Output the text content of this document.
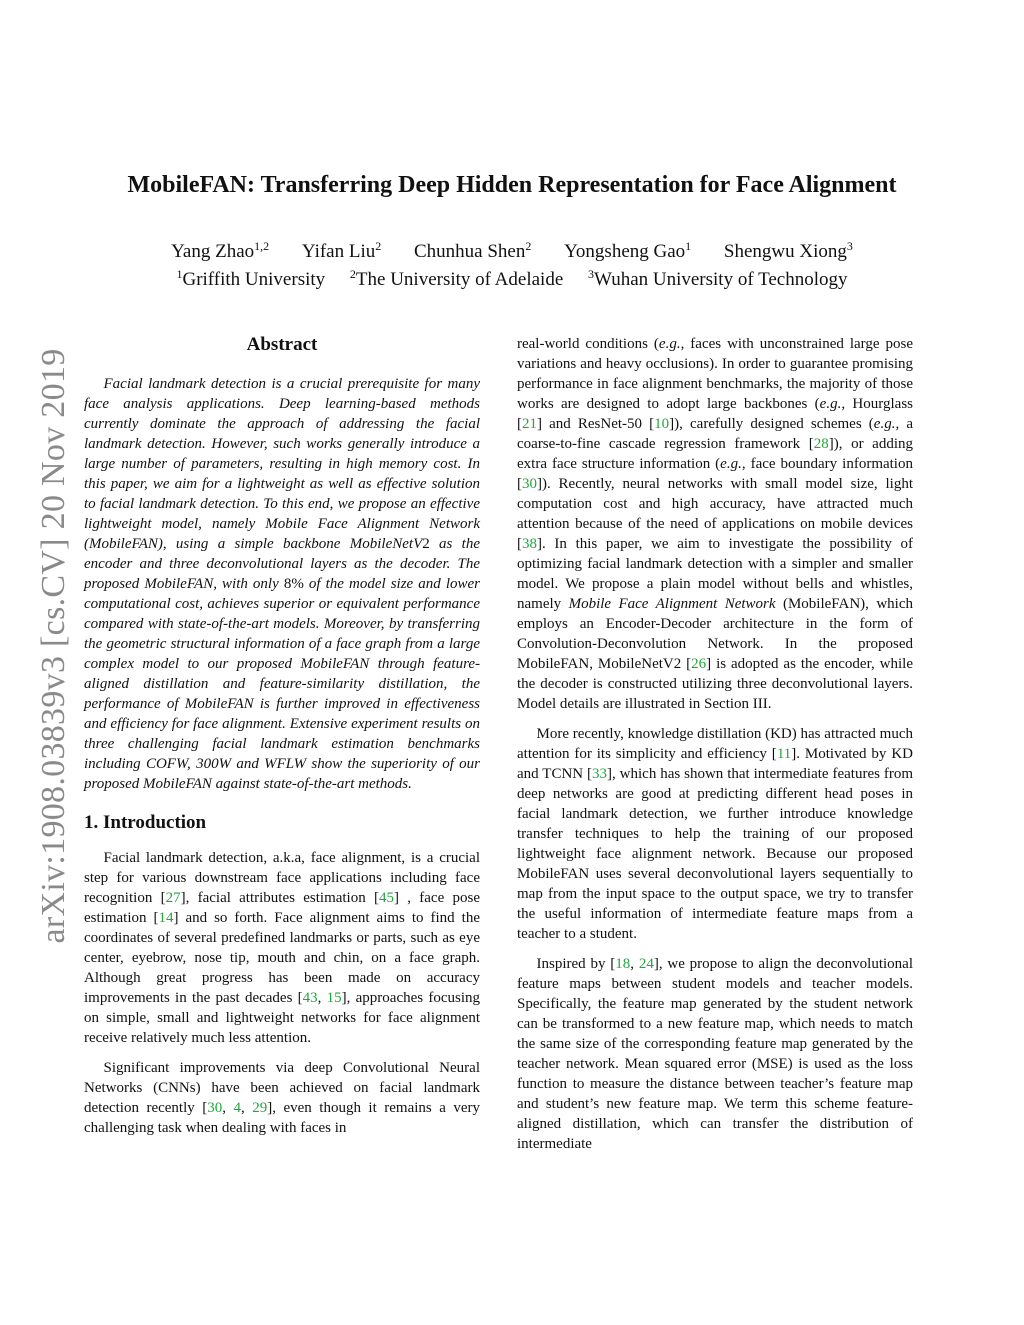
arXiv:1908.03839v3 [cs.CV] 20 Nov 2019
MobileFAN: Transferring Deep Hidden Representation for Face Alignment
Yang Zhao$^{1,2}$ Yifan Liu$^2$ Chunhua Shen$^2$ Yongsheng Gao$^1$ Shengwu Xiong$^3$
$^1$Griffith University $^2$The University of Adelaide $^3$Wuhan University of Technology
Abstract

Facial landmark detection is a crucial prerequisite for many face analysis applications. Deep learning-based methods currently dominate the approach of addressing the facial landmark detection. However, such works generally introduce a large number of parameters, resulting in high memory cost. In this paper, we aim for a lightweight as well as effective solution to facial landmark detection. To this end, we propose an effective lightweight model, namely Mobile Face Alignment Network (MobileFAN), using a simple backbone MobileNetV2 as the encoder and three deconvolutional layers as the decoder. The proposed MobileFAN, with only 8% of the model size and lower computational cost, achieves superior or equivalent performance compared with state-of-the-art models. Moreover, by transferring the geometric structural information of a face graph from a large complex model to our proposed MobileFAN through feature-aligned distillation and feature-similarity distillation, the performance of MobileFAN is further improved in effectiveness and efficiency for face alignment. Extensive experiment results on three challenging facial landmark estimation benchmarks including COFW, 300W and WFLW show the superiority of our proposed MobileFAN against state-of-the-art methods.

1. Introduction

Facial landmark detection, a.k.a, face alignment, is a crucial step for various downstream face applications including face recognition [27], facial attributes estimation [45] , face pose estimation [14] and so forth. Face alignment aims to find the coordinates of several predefined landmarks or parts, such as eye center, eyebrow, nose tip, mouth and chin, on a face graph. Although great progress has been made on accuracy improvements in the past decades [43, 15], approaches focusing on simple, small and lightweight networks for face alignment receive relatively much less attention.

Significant improvements via deep Convolutional Neural Networks (CNNs) have been achieved on facial landmark detection recently [30, 4, 29], even though it remains a very challenging task when dealing with faces in

real-world conditions (e.g., faces with unconstrained large pose variations and heavy occlusions). In order to guarantee promising performance in face alignment benchmarks, the majority of those works are designed to adopt large backbones (e.g., Hourglass [21] and ResNet-50 [10]), carefully designed schemes (e.g., a coarse-to-fine cascade regression framework [28]), or adding extra face structure information (e.g., face boundary information [30]). Recently, neural networks with small model size, light computation cost and high accuracy, have attracted much attention because of the need of applications on mobile devices [38]. In this paper, we aim to investigate the possibility of optimizing facial landmark detection with a simpler and smaller model. We propose a plain model without bells and whistles, namely Mobile Face Alignment Network (MobileFAN), which employs an Encoder-Decoder architecture in the form of Convolution-Deconvolution Network. In the proposed MobileFAN, MobileNetV2 [26] is adopted as the encoder, while the decoder is constructed utilizing three deconvolutional layers. Model details are illustrated in Section III.

More recently, knowledge distillation (KD) has attracted much attention for its simplicity and efficiency [11]. Motivated by KD and TCNN [33], which has shown that intermediate features from deep networks are good at predicting different head poses in facial landmark detection, we further introduce knowledge transfer techniques to help the training of our proposed lightweight face alignment network. Because our proposed MobileFAN uses several deconvolutional layers sequentially to map from the input space to the output space, we try to transfer the useful information of intermediate feature maps from a teacher to a student.

Inspired by [18, 24], we propose to align the deconvolutional feature maps between student models and teacher models. Specifically, the feature map generated by the student network can be transformed to a new feature map, which needs to match the same size of the corresponding feature map generated by the teacher network. Mean squared error (MSE) is used as the loss function to measure the distance between teacher’s feature map and student’s new feature map. We term this scheme feature-aligned distillation, which can transfer the distribution of intermediate
